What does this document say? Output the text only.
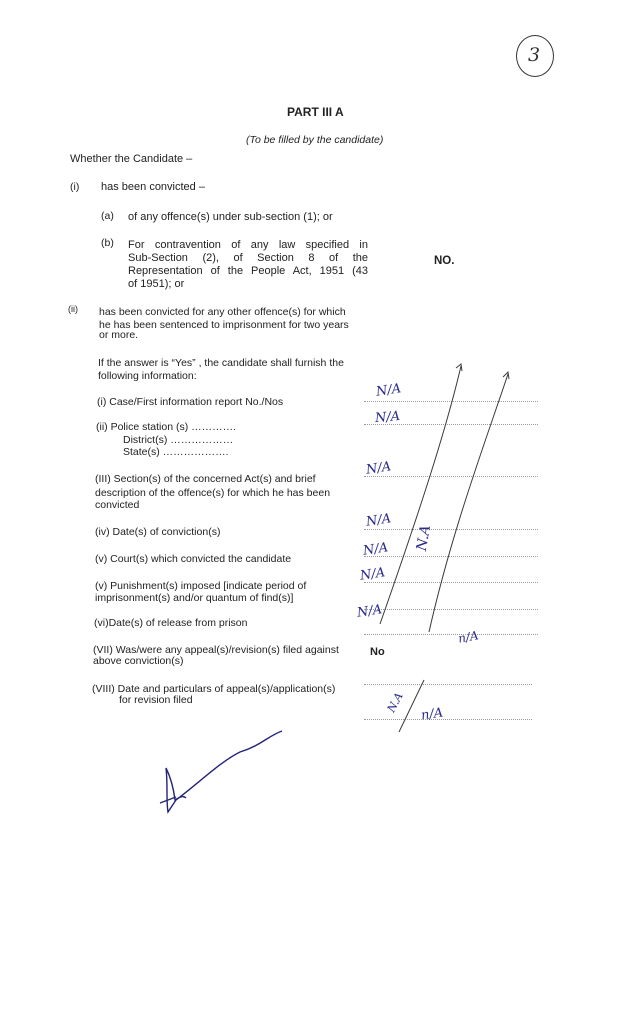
3
PART III A
(To be filled by the candidate)
Whether the Candidate –
(i) has been convicted –
(a) of any offence(s) under sub-section (1); or
(b) For contravention of any law specified in
Sub-Section (2), of Section 8 of the
Representation of the People Act, 1951 (43
of 1951); or
NO.
(ii) has been convicted for any other offence(s) for which
he has been sentenced to imprisonment for two years
or more.
If the answer is “Yes” , the candidate shall furnish the
following information:
(i) Case/First information report No./Nos
(ii) Police station (s) ………….
District(s) ………………
State(s) ……………….
(III) Section(s) of the concerned Act(s) and brief
description of the offence(s) for which he has been
convicted
(iv) Date(s) of conviction(s)
(v) Court(s) which convicted the candidate
(v) Punishment(s) imposed [indicate period of
imprisonment(s) and/or quantum of find(s)]
(vi)Date(s) of release from prison
(VII) Was/were any appeal(s)/revision(s) filed against
above conviction(s)
No
(VIII) Date and particulars of appeal(s)/application(s)
for revision filed
N/A
N/A
N/A
N/A
N/A
N/A
N/A
n/A
N.A
N.A n/A
